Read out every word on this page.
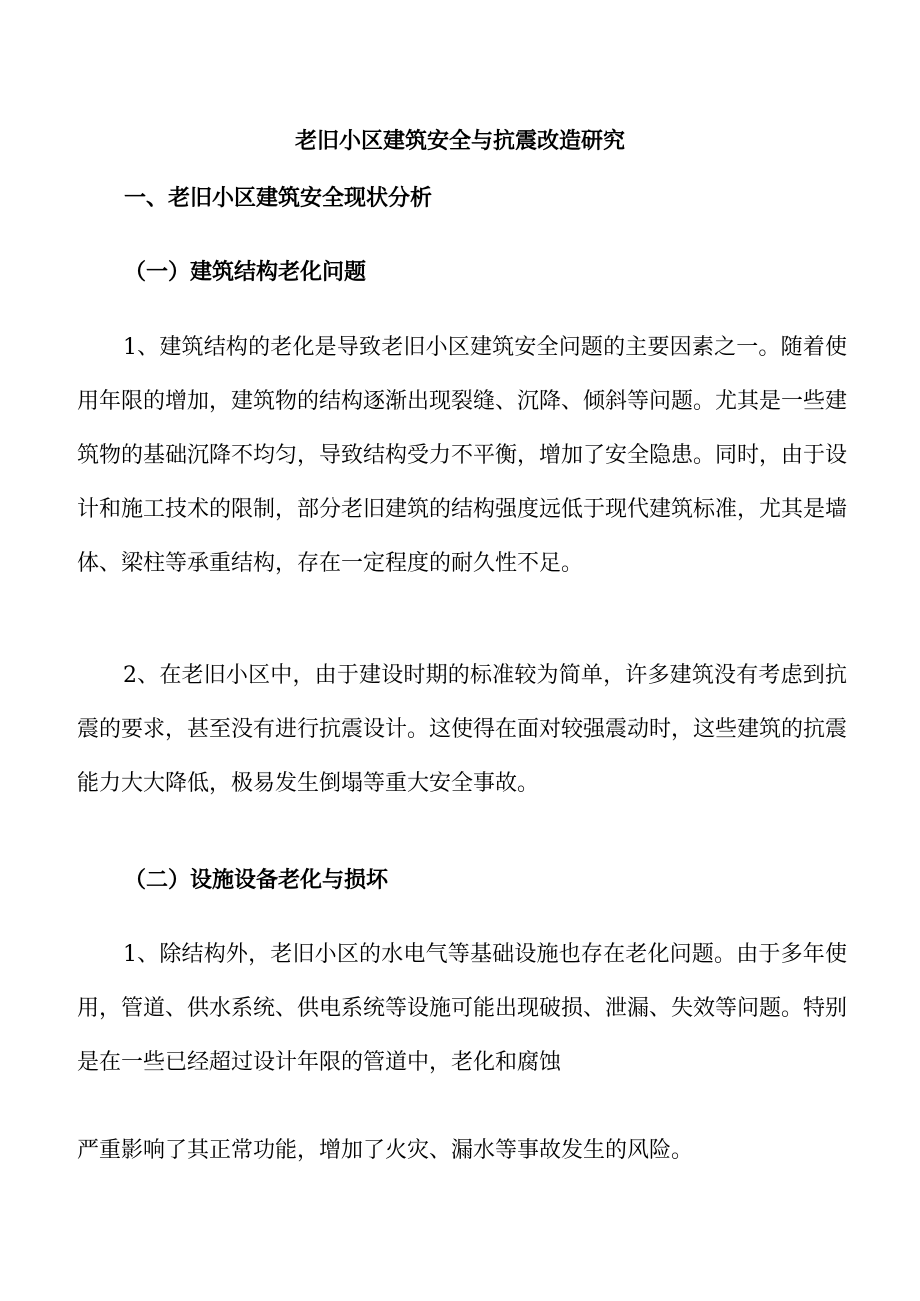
老旧小区建筑安全与抗震改造研究
一、老旧小区建筑安全现状分析
（一）建筑结构老化问题

1、建筑结构的老化是导致老旧小区建筑安全问题的主要因素之一。随着使用年限的增加，建筑物的结构逐渐出现裂缝、沉降、倾斜等问题。尤其是一些建筑物的基础沉降不均匀，导致结构受力不平衡，增加了安全隐患。同时，由于设计和施工技术的限制，部分老旧建筑的结构强度远低于现代建筑标准，尤其是墙体、梁柱等承重结构，存在一定程度的耐久性不足。

2、在老旧小区中，由于建设时期的标准较为简单，许多建筑没有考虑到抗震的要求，甚至没有进行抗震设计。这使得在面对较强震动时，这些建筑的抗震能力大大降低，极易发生倒塌等重大安全事故。

（二）设施设备老化与损坏

1、除结构外，老旧小区的水电气等基础设施也存在老化问题。由于多年使用，管道、供水系统、供电系统等设施可能出现破损、泄漏、失效等问题。特别是在一些已经超过设计年限的管道中，老化和腐蚀

严重影响了其正常功能，增加了火灾、漏水等事故发生的风险。
